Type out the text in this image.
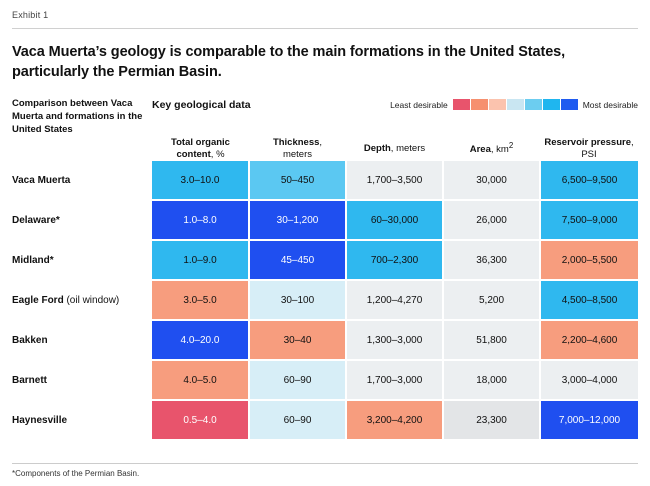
Exhibit 1
Vaca Muerta’s geology is comparable to the main formations in the United States, particularly the Permian Basin.
Comparison between Vaca Muerta and formations in the United States	Key geological data Least desirable Most desirable				

	Total organic content, %	Thickness,
meters	Depth, meters	Area, $km^2$	Reservoir pressure, PSI
Vaca Muerta	3.0–10.0	50–450	1,700–3,500	30,000	6,500–9,500
Delaware*	1.0–8.0	30–1,200	60–30,000	26,000	7,500–9,000
Midland*	1.0–9.0	45–450	700–2,300	36,300	2,000–5,500
Eagle Ford (oil window)	3.0–5.0	30–100	1,200–4,270	5,200	4,500–8,500
Bakken	4.0–20.0	30–40	1,300–3,000	51,800	2,200–4,600
Barnett	4.0–5.0	60–90	1,700–3,000	18,000	3,000–4,000
Haynesville	0.5–4.0	60–90	3,200–4,200	23,300	7,000–12,000
*Components of the Permian Basin.
